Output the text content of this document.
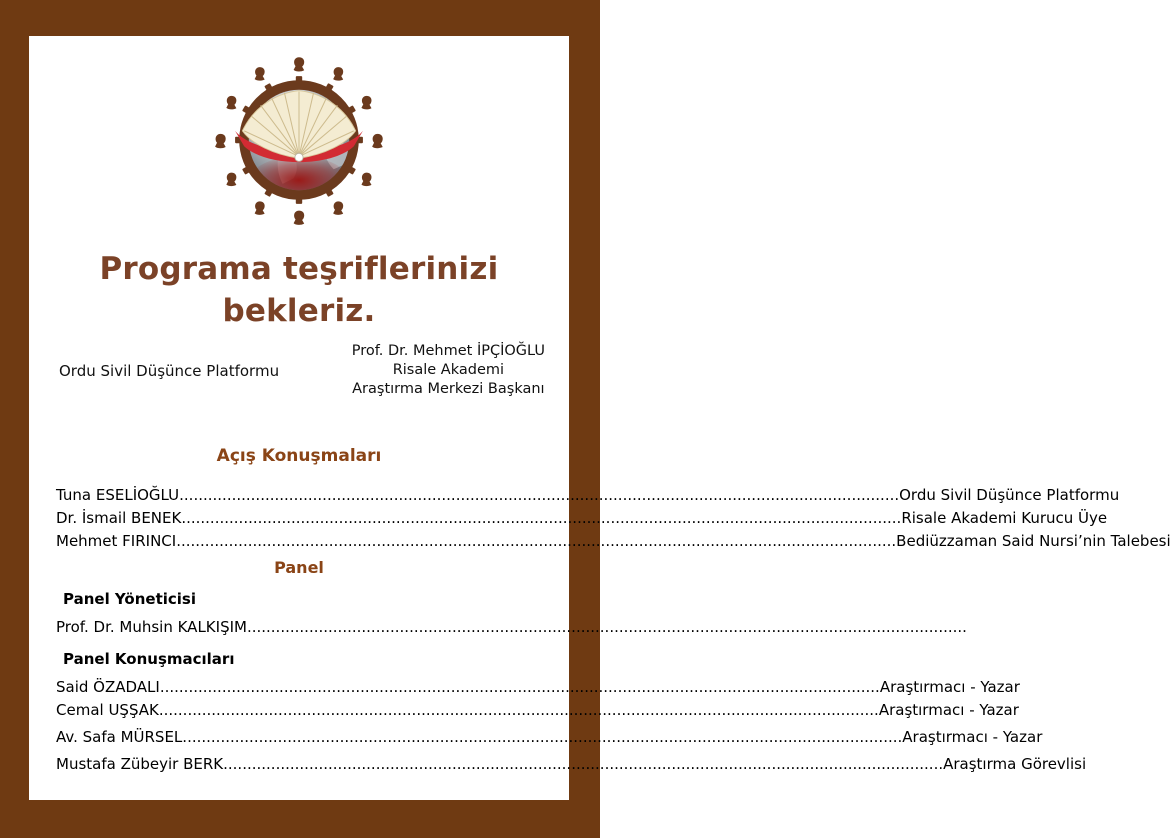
Programa teşriflerinizi
bekleriz.
Ordu Sivil Düşünce Platformu
Prof. Dr. Mehmet İPÇİOĞLU
Risale Akademi
Araştırma Merkezi Başkanı
Açış Konuşmaları
Tuna ESELİOĞLU ....................................................................................................................................................... Ordu Sivil Düşünce Platformu
Dr. İsmail BENEK ....................................................................................................................................................... Risale Akademi Kurucu Üye
Mehmet FIRINCI ....................................................................................................................................................... Bediüzzaman Said Nursi’nin Talebesi
Panel
Panel Yöneticisi
Prof. Dr. Muhsin KALKIŞIM .......................................................................................................................................................
Panel Konuşmacıları
Said ÖZADALI ....................................................................................................................................................... Araştırmacı - Yazar
Cemal UŞŞAK ....................................................................................................................................................... Araştırmacı - Yazar
Av. Safa MÜRSEL ....................................................................................................................................................... Araştırmacı - Yazar
Mustafa Zübeyir BERK ....................................................................................................................................................... Araştırma Görevlisi
